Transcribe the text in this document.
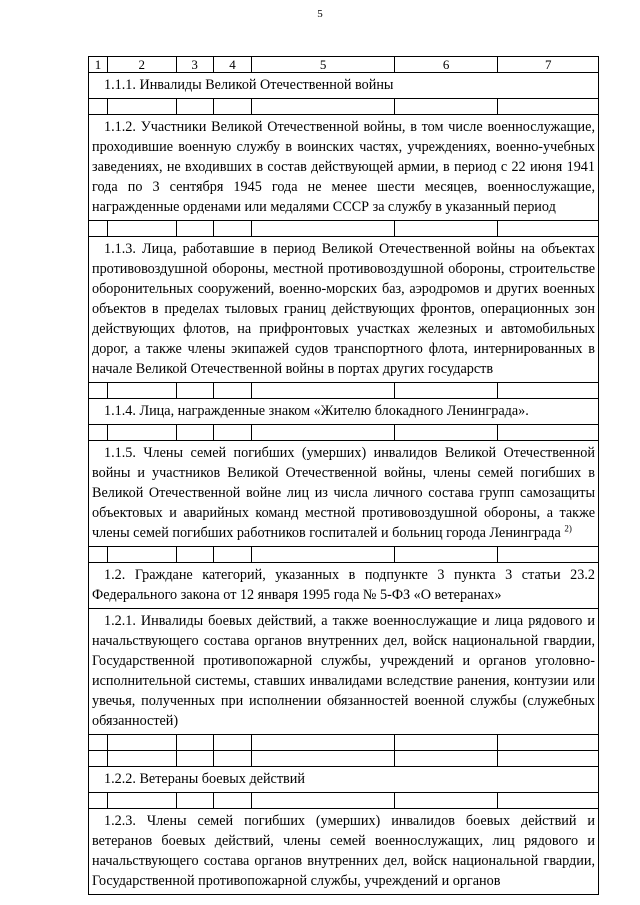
5
1	2	3	4	5	6	7
1.1.1. Инвалиды Великой Отечественной войны
1.1.2. Участники Великой Отечественной войны, в том числе военнослужащие, проходившие военную службу в воинских частях, учреждениях, военно-учебных заведениях, не входивших в состав действующей армии, в период с 22 июня 1941 года по 3 сентября 1945 года не менее шести месяцев, военнослужащие, награжденные орденами или медалями СССР за службу в указанный период
1.1.3. Лица, работавшие в период Великой Отечественной войны на объектах противовоздушной обороны, местной противовоздушной обороны, строительстве оборонительных сооружений, военно-морских баз, аэродромов и других военных объектов в пределах тыловых границ действующих фронтов, операционных зон действующих флотов, на прифронтовых участках железных и автомобильных дорог, а также члены экипажей судов транспортного флота, интернированных в начале Великой Отечественной войны в портах других государств
1.1.4. Лица, награжденные знаком «Жителю блокадного Ленинграда».
1.1.5. Члены семей погибших (умерших) инвалидов Великой Отечественной войны и участников Великой Отечественной войны, члены семей погибших в Великой Отечественной войне лиц из числа личного состава групп самозащиты объектовых и аварийных команд местной противовоздушной обороны, а также члены семей погибших работников госпиталей и больниц города Ленинграда $^{2)}$
1.2. Граждане категорий, указанных в подпункте 3 пункта 3 статьи 23.2 Федерального закона от 12 января 1995 года № 5-ФЗ «О ветеранах»
1.2.1. Инвалиды боевых действий, а также военнослужащие и лица рядового и начальствующего состава органов внутренних дел, войск национальной гвардии, Государственной противопожарной службы, учреждений и органов уголовно-исполнительной системы, ставших инвалидами вследствие ранения, контузии или увечья, полученных при исполнении обязанностей военной службы (служебных обязанностей)
1.2.2. Ветераны боевых действий
1.2.3. Члены семей погибших (умерших) инвалидов боевых действий и ветеранов боевых действий, члены семей военнослужащих, лиц рядового и начальствующего состава органов внутренних дел, войск национальной гвардии, Государственной противопожарной службы, учреждений и органов
